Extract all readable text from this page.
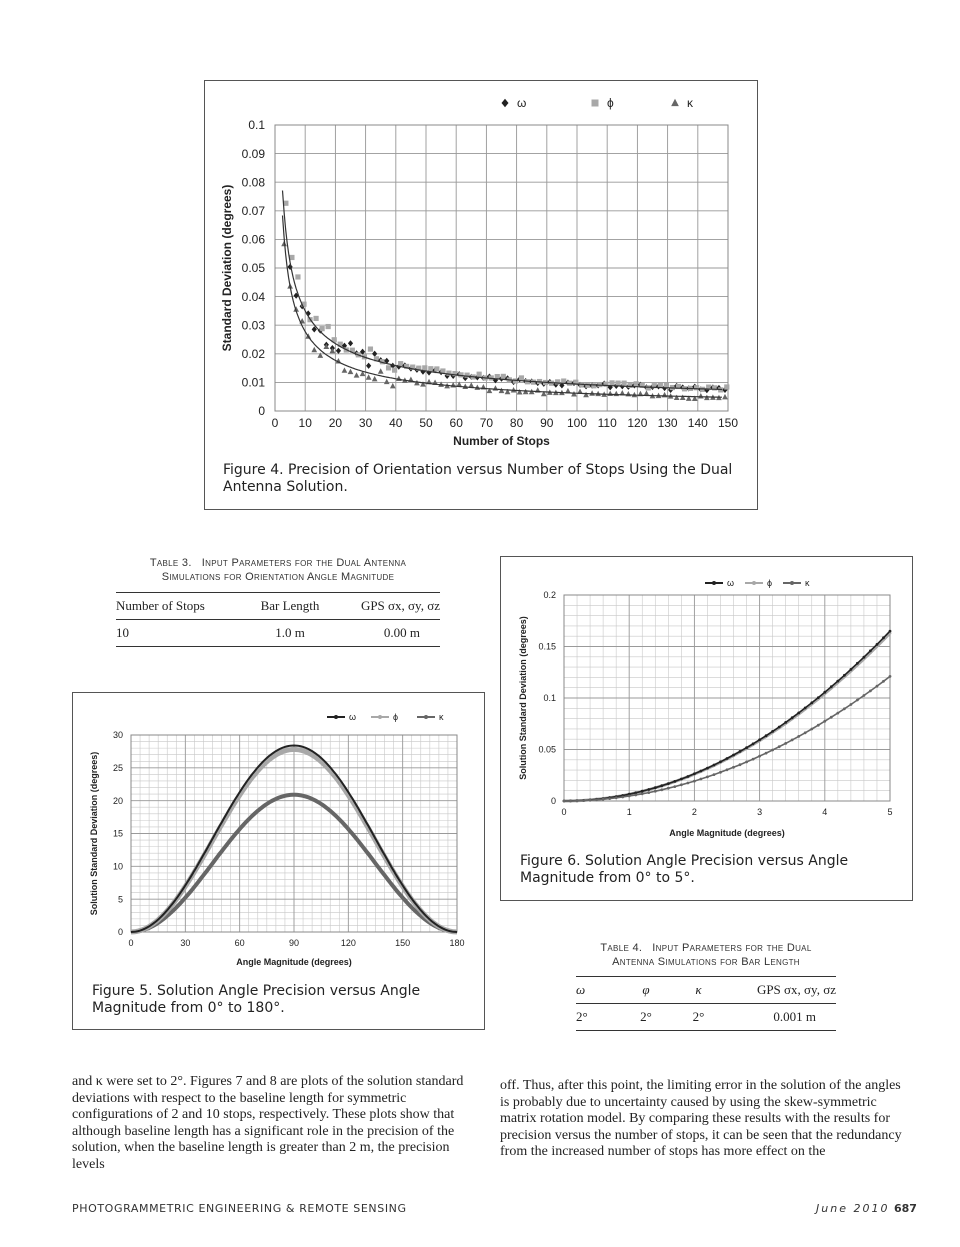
0 10 20 30 40 50 60 70 80 90 100 110 120 130 140 150
0
0.01
0.02
0.03
0.04
0.05
0.06
0.07
0.08
0.09
0.1
Number of Stops
Standard Deviation (degrees)
ω	ϕ	κ
Figure 4. Precision of Orientation versus Number of Stops Using the Dual Antenna Solution.
Table 3. Input Parameters for the Dual Antenna
Simulations for Orientation Angle Magnitude
Number of Stops	Bar Length	GPS σx, σy, σz
10	1.0 m	0.00 m
0	1	2	3	4	5
0
0.05
0.1
0.15
0.2
Angle Magnitude (degrees)
Solution Standard Deviation (degrees)
ω	ϕ	κ
Figure 6. Solution Angle Precision versus Angle Magnitude from 0° to 5°.
0	30	60	90	120	150	180
0
5
10
15
20
25
30
Angle Magnitude (degrees)
Solution Standard Deviation (degrees)
ω	ϕ	κ
Figure 5. Solution Angle Precision versus Angle Magnitude from 0° to 180°.
Table 4. Input Parameters for the Dual
Antenna Simulations for Bar Length
ω	φ	κ	GPS σx, σy, σz
2°	2°	2°	0.001 m
and κ were set to 2°. Figures 7 and 8 are plots of the solution standard deviations with respect to the baseline length for symmetric configurations of 2 and 10 stops, respectively. These plots show that although baseline length has a significant role in the precision of the solution, when the baseline length is greater than 2 m, the precision levels
off. Thus, after this point, the limiting error in the solution of the angles is probably due to uncertainty caused by using the skew-symmetric matrix rotation model. By comparing these results with the results for precision versus the number of stops, it can be seen that the redundancy from the increased number of stops has more effect on the
PHOTOGRAMMETRIC ENGINEERING & REMOTE SENSING	June 2010 687
